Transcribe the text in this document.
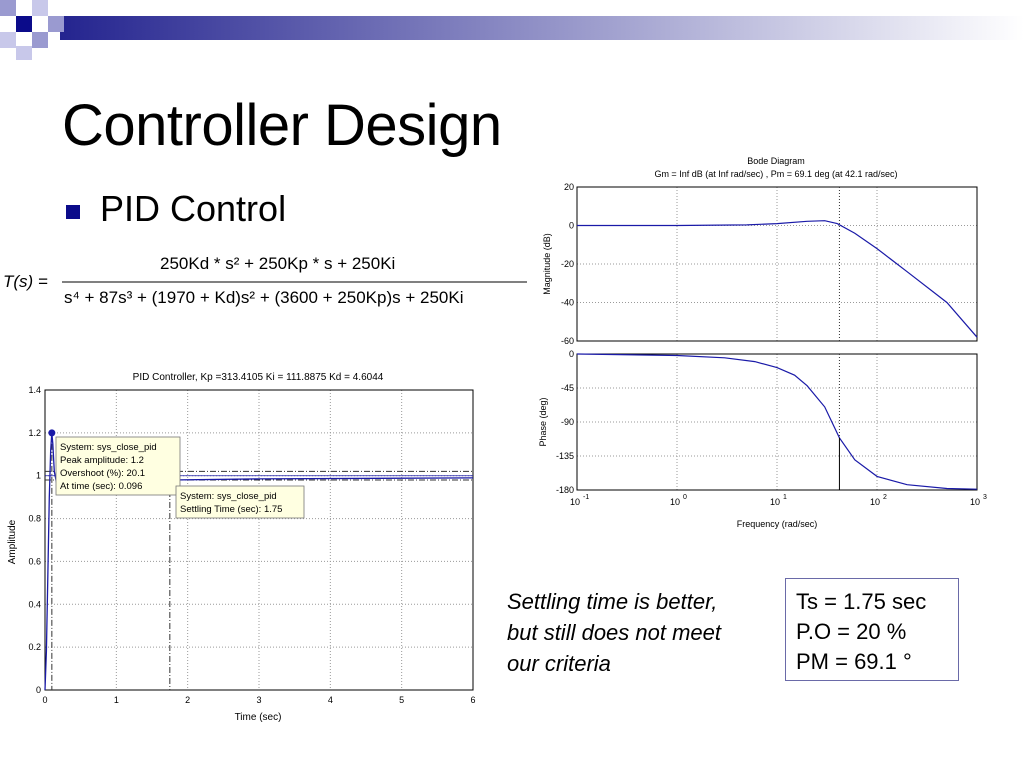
Controller Design
PID Control
T(s) =
250Kd * s² + 250Kp * s + 250Ki
s⁴ + 87s³ + (1970 + Kd)s² + (3600 + 250Kp)s + 250Ki
PID Controller, Kp =313.4105 Ki = 111.8875 Kd = 4.6044
0	1	2	3	4	5	6
0
0.2
0.4
0.6
0.8
1
1.2
1.4
System: sys_close_pid
Peak amplitude: 1.2
Overshoot (%): 20.1
At time (sec): 0.096
System: sys_close_pid
Settling Time (sec): 1.75
Time (sec)
Amplitude
Bode Diagram
Gm = Inf dB (at Inf rad/sec) , Pm = 69.1 deg (at 42.1 rad/sec)
20
0
-20
-40
-60
0
-45
-90
-135
-180
10 -1	10 0	10 1	10 2	10 3
Magnitude (dB)
Phase (deg)
Frequency (rad/sec)
Settling time is better,
but still does not meet
our criteria
Ts = 1.75 sec
P.O = 20 %
PM = 69.1 °
